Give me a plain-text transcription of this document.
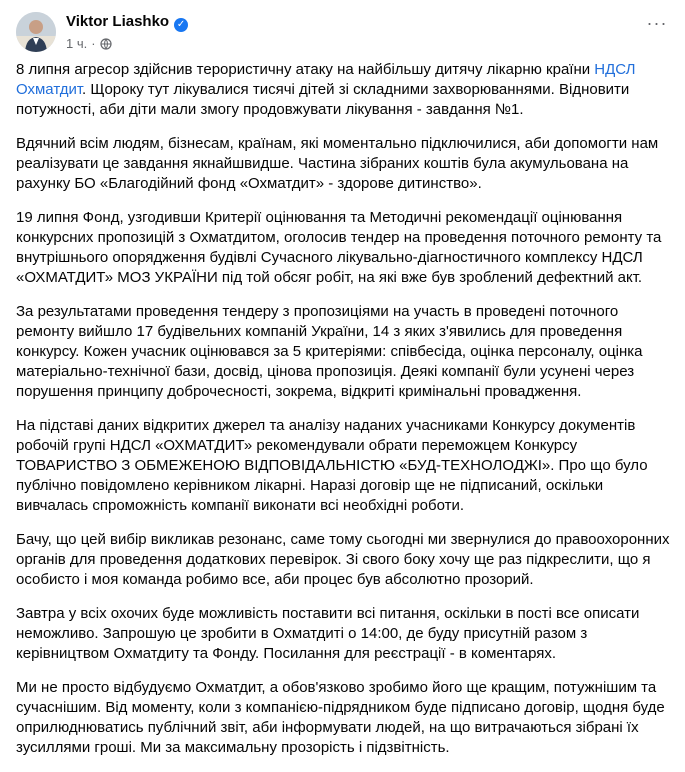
Viktor Liashko ✓
1 ч. ·
···

8 липня агресор здійснив терористичну атаку на найбільшу дитячу лікарню країни НДСЛ Охматдит. Щороку тут лікувалися тисячі дітей зі складними захворюваннями. Відновити потужності, аби діти мали змогу продовжувати лікування - завдання №1.

Вдячний всім людям, бізнесам, країнам, які моментально підключилися, аби допомогти нам реалізувати це завдання якнайшвидше. Частина зібраних коштів була акумульована на рахунку БО «Благодійний фонд «Охматдит» - здорове дитинство».

19 липня Фонд, узгодивши Критерії оцінювання та Методичні рекомендації оцінювання конкурсних пропозицій з Охматдитом, оголосив тендер на проведення поточного ремонту та внутрішнього опорядження будівлі Сучасного лікувально-діагностичного комплексу НДСЛ «ОХМАТДИТ» МОЗ УКРАЇНИ під той обсяг робіт, на які вже був зроблений дефектний акт.

За результатами проведення тендеру з пропозиціями на участь в проведені поточного ремонту вийшло 17 будівельних компаній України, 14 з яких з'явились для проведення конкурсу. Кожен учасник оцінювався за 5 критеріями: співбесіда, оцінка персоналу, оцінка матеріально-технічної бази, досвід, цінова пропозиція. Деякі компанії були усунені через порушення принципу доброчесності, зокрема, відкриті кримінальні провадження.

На підставі даних відкритих джерел та аналізу наданих учасниками Конкурсу документів робочій групі НДСЛ «ОХМАТДИТ» рекомендували обрати переможцем Конкурсу ТОВАРИСТВО З ОБМЕЖЕНОЮ ВІДПОВІДАЛЬНІСТЮ «БУД-ТЕХНОЛОДЖІ». Про що було публічно повідомлено керівником лікарні. Наразі договір ще не підписаний, оскільки вивчалась спроможність компанії виконати всі необхідні роботи.

Бачу, що цей вибір викликав резонанс, саме тому сьогодні ми звернулися до правоохоронних органів для проведення додаткових перевірок. Зі свого боку хочу ще раз підкреслити, що я особисто і моя команда робимо все, аби процес був абсолютно прозорий.

Завтра у всіх охочих буде можливість поставити всі питання, оскільки в пості все описати неможливо. Запрошую це зробити в Охматдиті о 14:00, де буду присутній разом з керівництвом Охматдиту та Фонду. Посилання для реєстрації - в коментарях.

Ми не просто відбудуємо Охматдит, а обов'язково зробимо його ще кращим, потужнішим та сучаснішим. Від моменту, коли з компанією-підрядником буде підписано договір, щодня буде оприлюднюватись публічний звіт, аби інформувати людей, на що витрачаються зібрані їх зусиллями гроші. Ми за максимальну прозорість і підзвітність.
